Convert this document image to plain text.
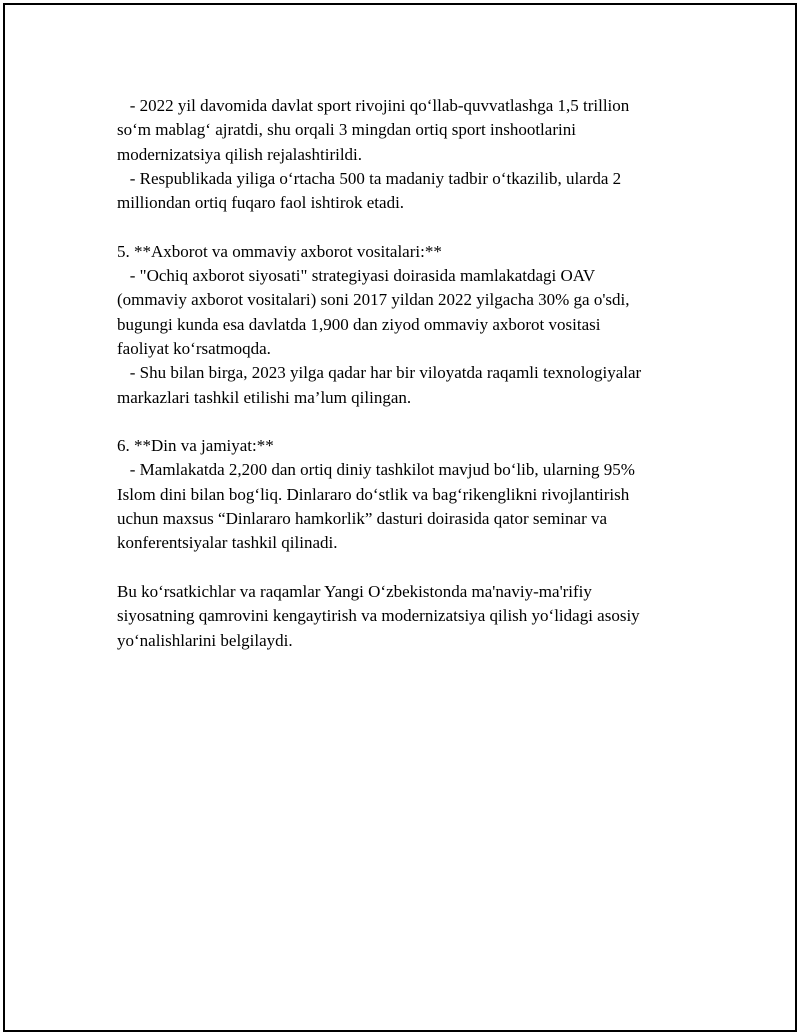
- 2022 yil davomida davlat sport rivojini qo‘llab-quvvatlashga 1,5 trillion
so‘m mablag‘ ajratdi, shu orqali 3 mingdan ortiq sport inshootlarini
modernizatsiya qilish rejalashtirildi.
- Respublikada yiliga o‘rtacha 500 ta madaniy tadbir o‘tkazilib, ularda 2
milliondan ortiq fuqaro faol ishtirok etadi.
5. **Axborot va ommaviy axborot vositalari:**
- "Ochiq axborot siyosati" strategiyasi doirasida mamlakatdagi OAV
(ommaviy axborot vositalari) soni 2017 yildan 2022 yilgacha 30% ga o'sdi,
bugungi kunda esa davlatda 1,900 dan ziyod ommaviy axborot vositasi
faoliyat ko‘rsatmoqda.
- Shu bilan birga, 2023 yilga qadar har bir viloyatda raqamli texnologiyalar
markazlari tashkil etilishi ma’lum qilingan.
6. **Din va jamiyat:**
- Mamlakatda 2,200 dan ortiq diniy tashkilot mavjud bo‘lib, ularning 95%
Islom dini bilan bog‘liq. Dinlararo do‘stlik va bag‘rikenglikni rivojlantirish
uchun maxsus “Dinlararo hamkorlik” dasturi doirasida qator seminar va
konferentsiyalar tashkil qilinadi.
Bu ko‘rsatkichlar va raqamlar Yangi O‘zbekistonda ma'naviy-ma'rifiy
siyosatning qamrovini kengaytirish va modernizatsiya qilish yo‘lidagi asosiy
yo‘nalishlarini belgilaydi.
